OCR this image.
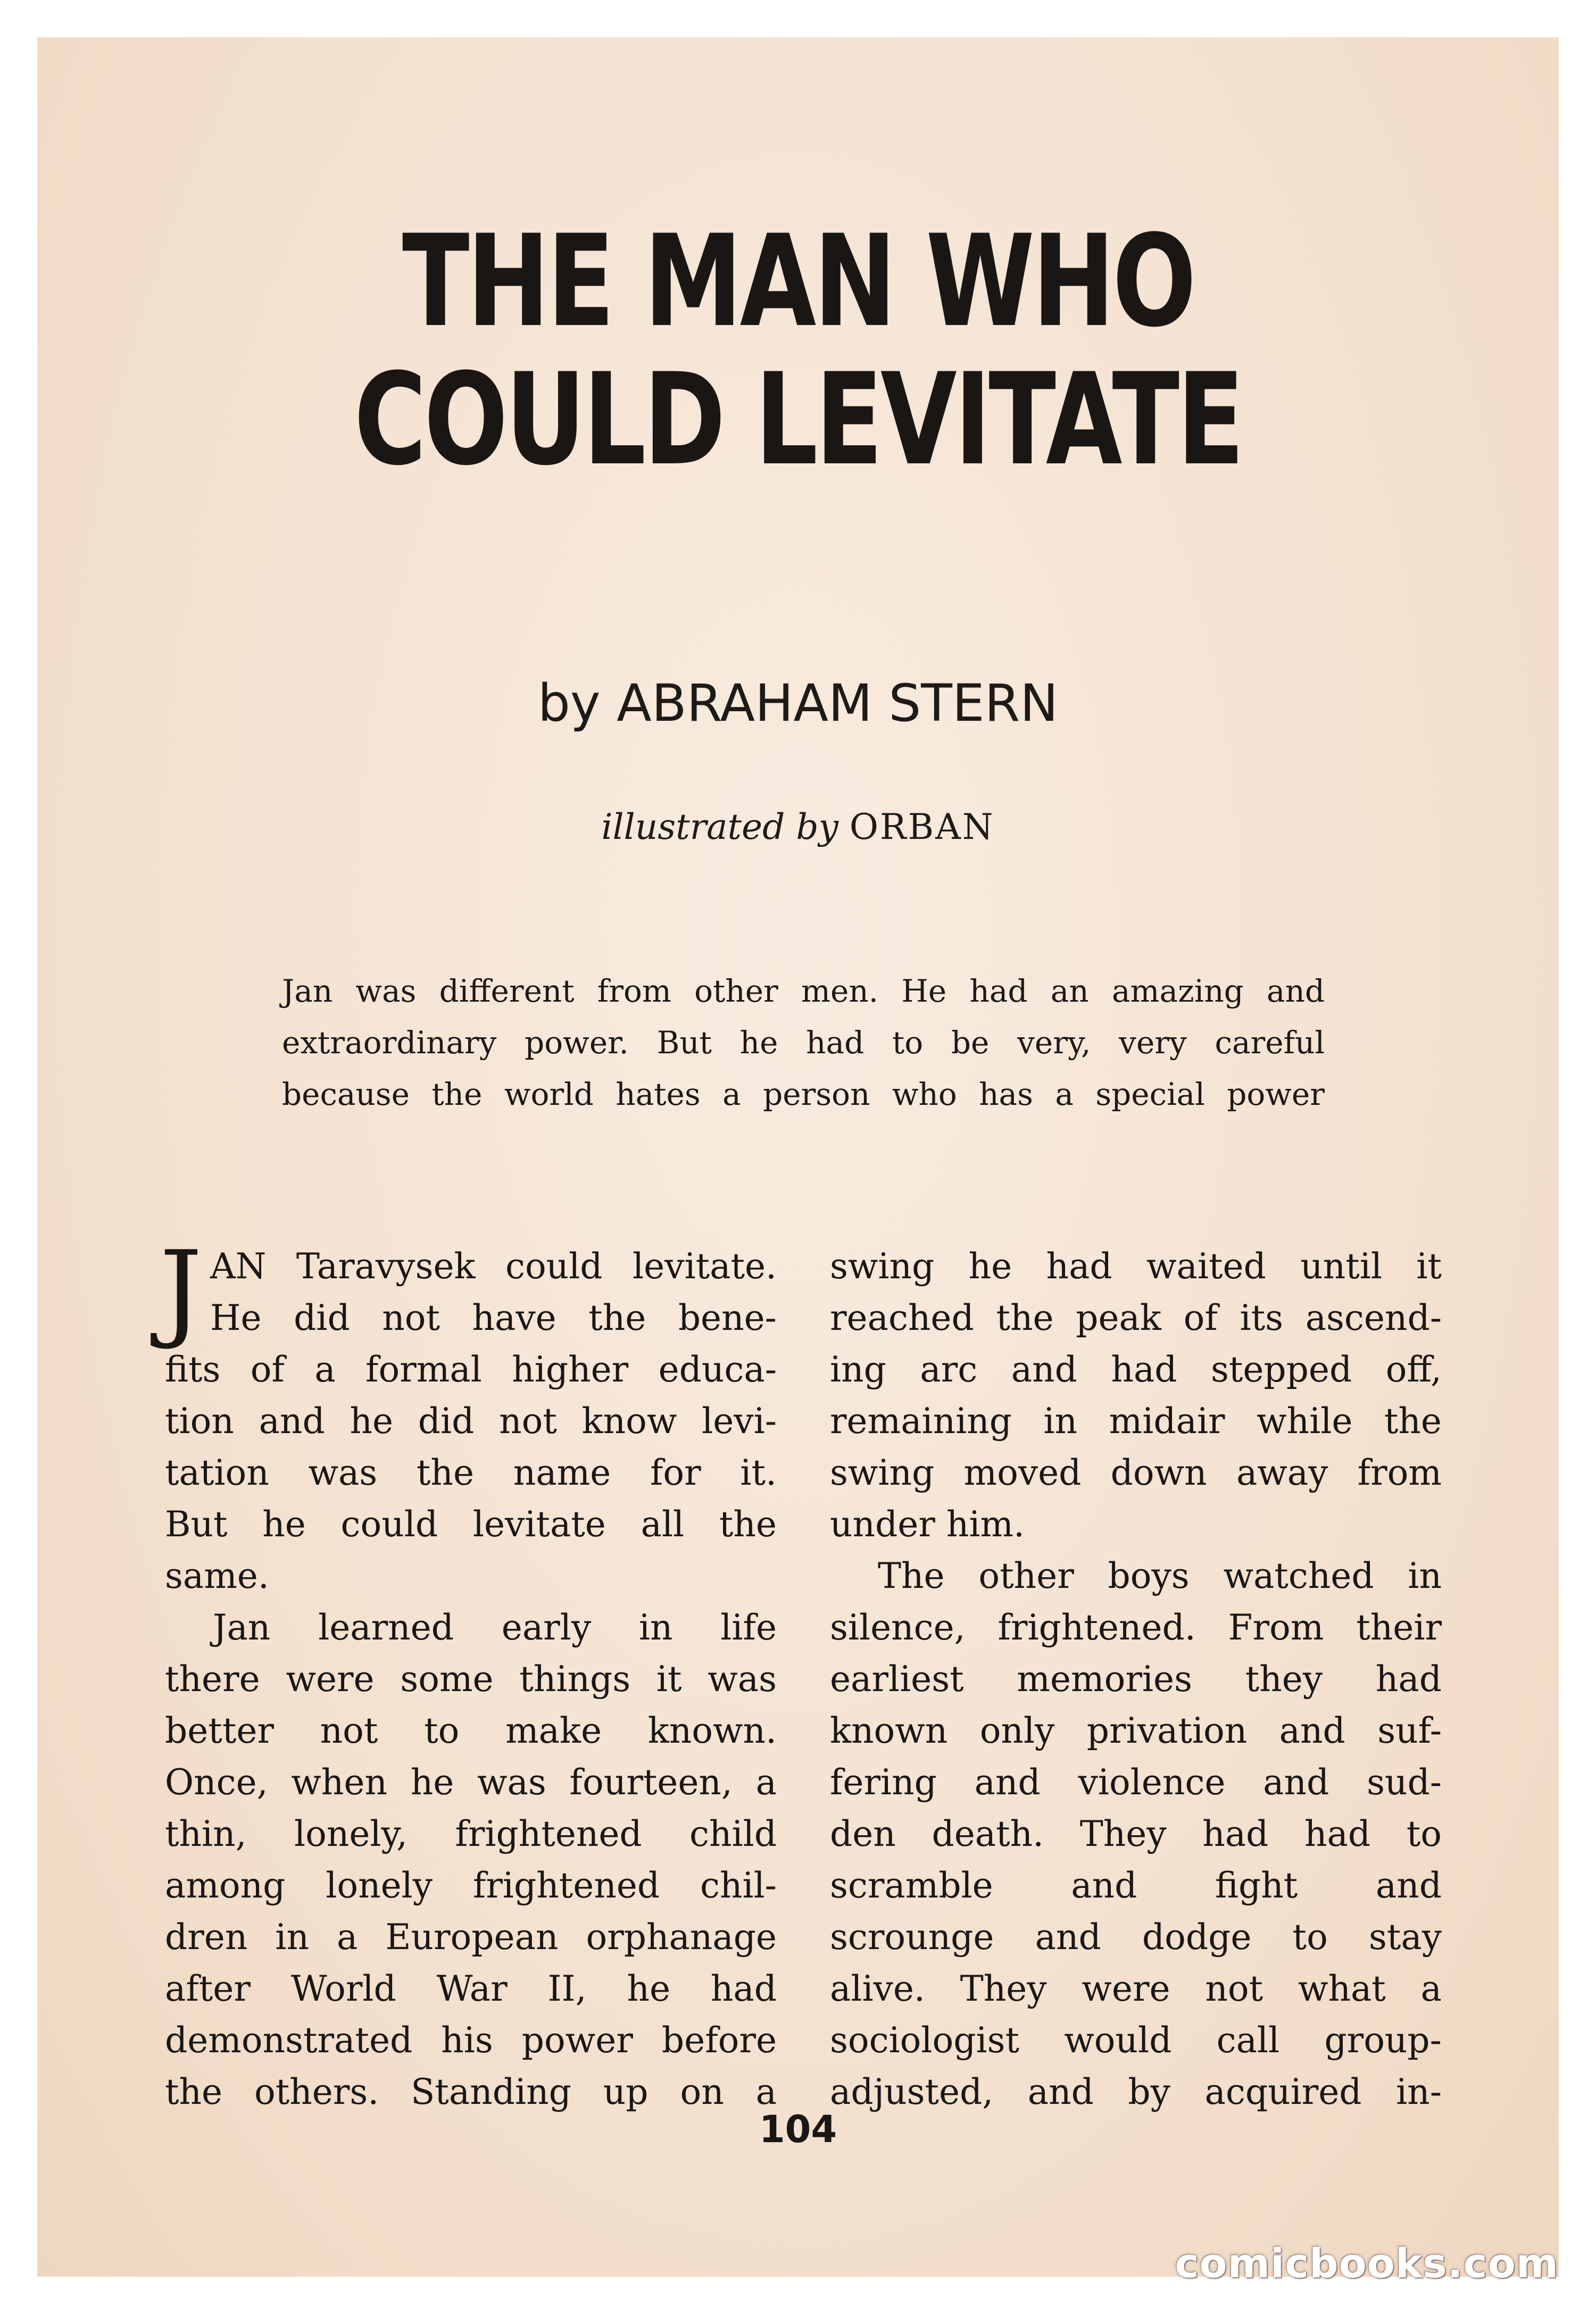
THE MAN WHO
COULD LEVITATE
by ABRAHAM STERN
illustrated by ORBAN
Jan was different from other men. He had an amazing and
extraordinary power. But he had to be very, very careful
because the world hates a person who has a special power
J AN Taravysek could levitate.
He did not have the bene-
fits of a formal higher educa-
tion and he did not know levi-
tation was the name for it.
But he could levitate all the
same.
Jan learned early in life
there were some things it was
better not to make known.
Once, when he was fourteen, a
thin, lonely, frightened child
among lonely frightened chil-
dren in a European orphanage
after World War II, he had
demonstrated his power before
the others. Standing up on a
swing he had waited until it
reached the peak of its ascend-
ing arc and had stepped off,
remaining in midair while the
swing moved down away from
under him.
The other boys watched in
silence, frightened. From their
earliest memories they had
known only privation and suf-
fering and violence and sud-
den death. They had had to
scramble and fight and
scrounge and dodge to stay
alive. They were not what a
sociologist would call group-
adjusted, and by acquired in-
104
comicbooks.com
